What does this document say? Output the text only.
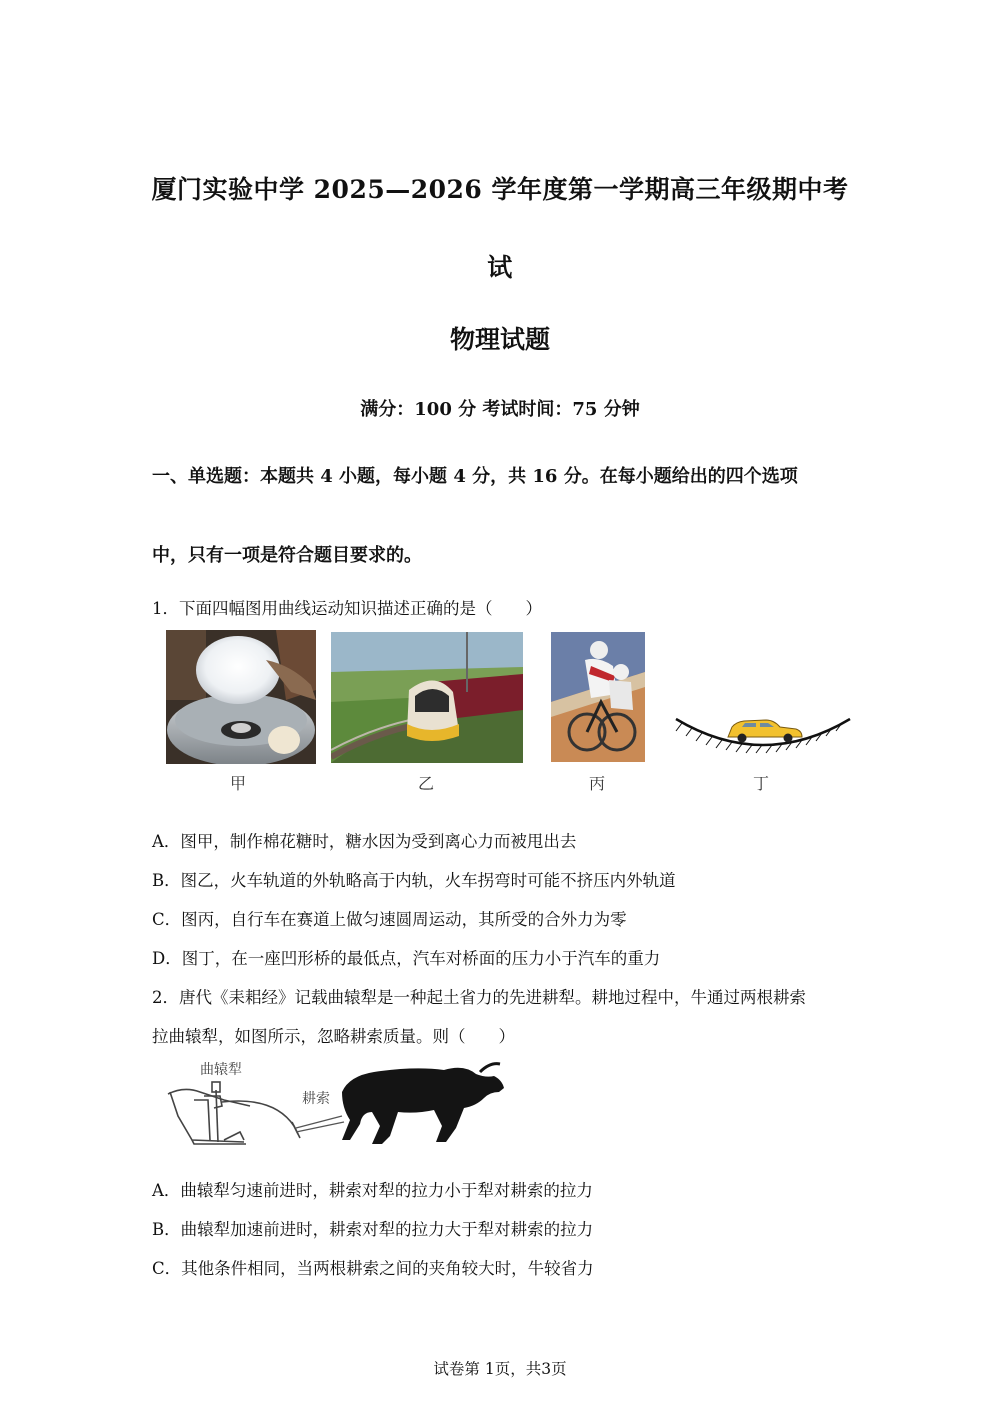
厦门实验中学 2025—2026 学年度第一学期高三年级期中考
试
物理试题
满分：100 分 考试时间：75 分钟
一、单选题：本题共 4 小题，每小题 4 分，共 16 分。在每小题给出的四个选项
中，只有一项是符合题目要求的。
1．下面四幅图用曲线运动知识描述正确的是（　　）
甲	乙	丙	丁
A．图甲，制作棉花糖时，糖水因为受到离心力而被甩出去
B．图乙，火车轨道的外轨略高于内轨，火车拐弯时可能不挤压内外轨道
C．图丙，自行车在赛道上做匀速圆周运动，其所受的合外力为零
D．图丁，在一座凹形桥的最低点，汽车对桥面的压力小于汽车的重力
2．唐代《耒耜经》记载曲辕犁是一种起土省力的先进耕犁。耕地过程中，牛通过两根耕索
拉曲辕犁，如图所示，忽略耕索质量。则（　　）
曲辕犁
耕索
A．曲辕犁匀速前进时，耕索对犁的拉力小于犁对耕索的拉力
B．曲辕犁加速前进时，耕索对犁的拉力大于犁对耕索的拉力
C．其他条件相同，当两根耕索之间的夹角较大时，牛较省力
试卷第 1页，共3页
